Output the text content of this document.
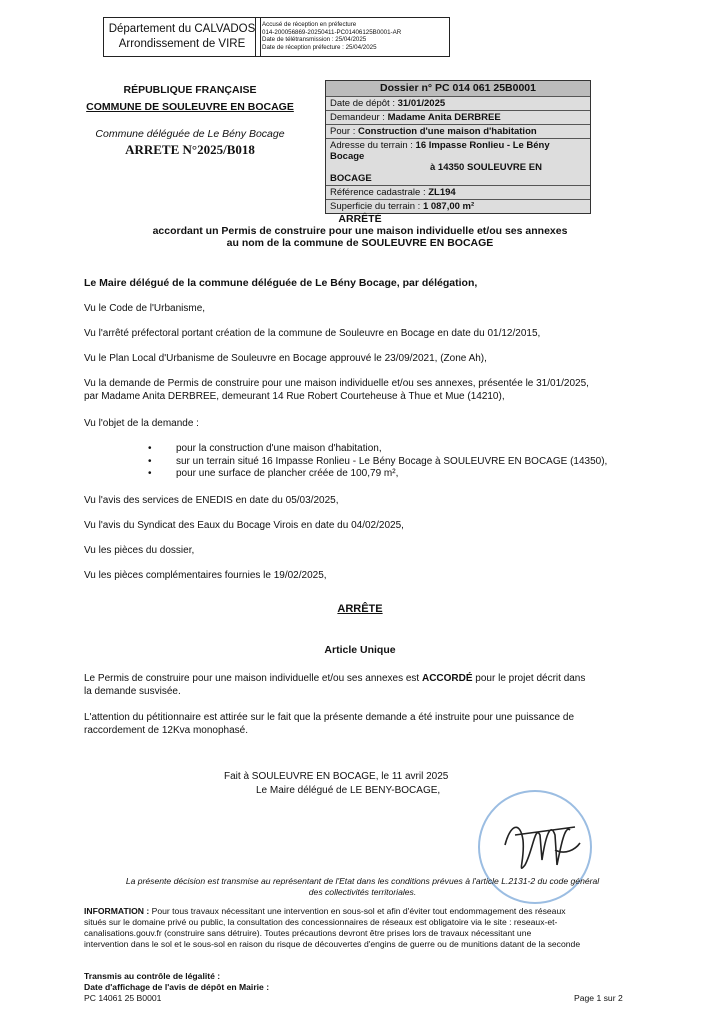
Département du CALVADOS
Arrondissement de VIRE
Accusé de réception en préfecture
014-200056869-20250411-PC01406125B0001-AR
Date de télétransmission : 25/04/2025
Date de réception préfecture : 25/04/2025
RÉPUBLIQUE FRANÇAISE
COMMUNE DE SOULEUVRE EN BOCAGE
Commune déléguée de Le Bény Bocage
ARRETE N°2025/B018
Dossier n° PC 014 061 25B0001
Date de dépôt : 31/01/2025
Demandeur : Madame Anita DERBREE
Pour : Construction d'une maison d'habitation
Adresse du terrain : 16 Impasse Ronlieu - Le Bény Bocage
à 14350 SOULEUVRE EN BOCAGE
Référence cadastrale : ZL194
Superficie du terrain : 1 087,00 m²
ARRÊTÉ
accordant un Permis de construire pour une maison individuelle et/ou ses annexes
au nom de la commune de SOULEUVRE EN BOCAGE
Le Maire délégué de la commune déléguée de Le Bény Bocage, par délégation,
Vu le Code de l'Urbanisme,
Vu l'arrêté préfectoral portant création de la commune de Souleuvre en Bocage en date du 01/12/2015,
Vu le Plan Local d'Urbanisme de Souleuvre en Bocage approuvé le 23/09/2021, (Zone Ah),
Vu la demande de Permis de construire pour une maison individuelle et/ou ses annexes, présentée le 31/01/2025,
par Madame Anita DERBREE, demeurant 14 Rue Robert Courteheuse à Thue et Mue (14210),
Vu l'objet de la demande :
• pour la construction d'une maison d'habitation,
• sur un terrain situé 16 Impasse Ronlieu - Le Bény Bocage à SOULEUVRE EN BOCAGE (14350),
• pour une surface de plancher créée de 100,79 m²,
Vu l'avis des services de ENEDIS en date du 05/03/2025,
Vu l'avis du Syndicat des Eaux du Bocage Virois en date du 04/02/2025,
Vu les pièces du dossier,
Vu les pièces complémentaires fournies le 19/02/2025,
ARRÊTE
Article Unique
Le Permis de construire pour une maison individuelle et/ou ses annexes est ACCORDÉ pour le projet décrit dans
la demande susvisée.
L'attention du pétitionnaire est attirée sur le fait que la présente demande a été instruite pour une puissance de
raccordement de 12Kva monophasé.
Fait à SOULEUVRE EN BOCAGE, le 11 avril 2025
Le Maire délégué de LE BENY-BOCAGE,
La présente décision est transmise au représentant de l'Etat dans les conditions prévues à l'article L.2131-2 du code général
des collectivités territoriales.
INFORMATION : Pour tous travaux nécessitant une intervention en sous-sol et afin d'éviter tout endommagement des réseaux
situés sur le domaine privé ou public, la consultation des concessionnaires de réseaux est obligatoire via le site : reseaux-et-
canalisations.gouv.fr (construire sans détruire). Toutes précautions devront être prises lors de travaux nécessitant une
intervention dans le sol et le sous-sol en raison du risque de découvertes d'engins de guerre ou de munitions datant de la seconde
Transmis au contrôle de légalité :
Date d'affichage de l'avis de dépôt en Mairie :
PC 14061 25 B0001	Page 1 sur 2
